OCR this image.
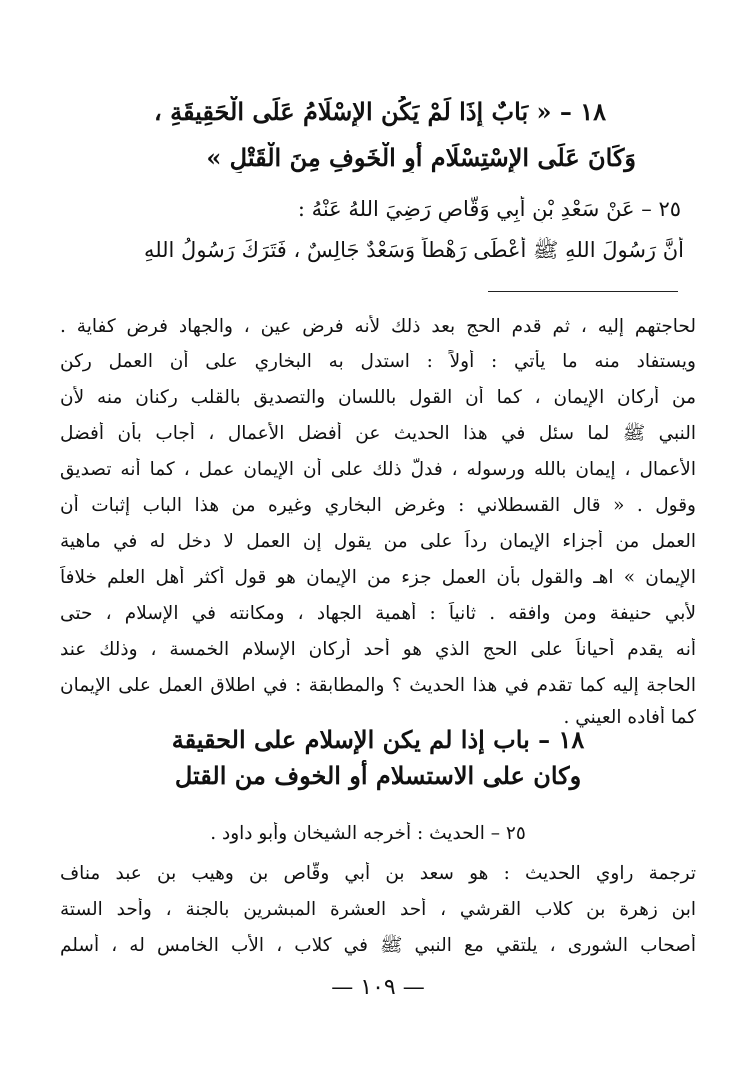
١٨ – « بَابٌ إِذَا لَمْ يَكُنِ الإِسْلَامُ عَلَى الْحَقِيقَةِ ،
وَكَانَ عَلَى الإِسْتِسْلَامِ أَوِ الْخَوفِ مِنَ الْقَتْلِ »
٢٥ – عَنْ سَعْدِ بْنِ أَبِي وَقَّاصٍ رَضِيَ اللهُ عَنْهُ :
أَنَّ رَسُولَ اللهِ ﷺ أَعْطَى رَهْطاً وَسَعْدٌ جَالِسٌ ، فَتَرَكَ رَسُولُ اللهِ
لحاجتهم إليه ، ثم قدم الحج بعد ذلك لأنه فرض عين ، والجهاد فرض كفاية .
ويستفاد منه ما يأتي : أولاً : استدل به البخاري على أن العمل ركن
من أركان الإيمان ، كما أن القول باللسان والتصديق بالقلب ركنان منه لأن
النبي ﷺ لما سئل في هذا الحديث عن أفضل الأعمال ، أجاب بأن أفضل
الأعمال ، إيمان بالله ورسوله ، فدلّ ذلك على أن الإيمان عمل ، كما أنه تصديق
وقول . « قال القسطلاني : وغرض البخاري وغيره من هذا الباب إثبات أن
العمل من أجزاء الإيمان رداً على من يقول إن العمل لا دخل له في ماهية
الإيمان » اهـ والقول بأن العمل جزء من الإيمان هو قول أكثر أهل العلم خلافاً
لأبي حنيفة ومن وافقه . ثانياً : أهمية الجهاد ، ومكانته في الإسلام ، حتى
أنه يقدم أحياناً على الحج الذي هو أحد أركان الإسلام الخمسة ، وذلك عند
الحاجة إليه كما تقدم في هذا الحديث ؟ والمطابقة : في اطلاق العمل على الإيمان
كما أفاده العيني .
١٨ – باب إذا لم يكن الإسلام على الحقيقة
وكان على الاستسلام أو الخوف من القتل
٢٥ – الحديث : أخرجه الشيخان وأبو داود .
ترجمة راوي الحديث : هو سعد بن أبي وقّاص بن وهيب بن عبد مناف
ابن زهرة بن كلاب القرشي ، أحد العشرة المبشرين بالجنة ، وأحد الستة
أصحاب الشورى ، يلتقي مع النبي ﷺ في كلاب ، الأب الخامس له ، أسلم
— ١٠٩ —
